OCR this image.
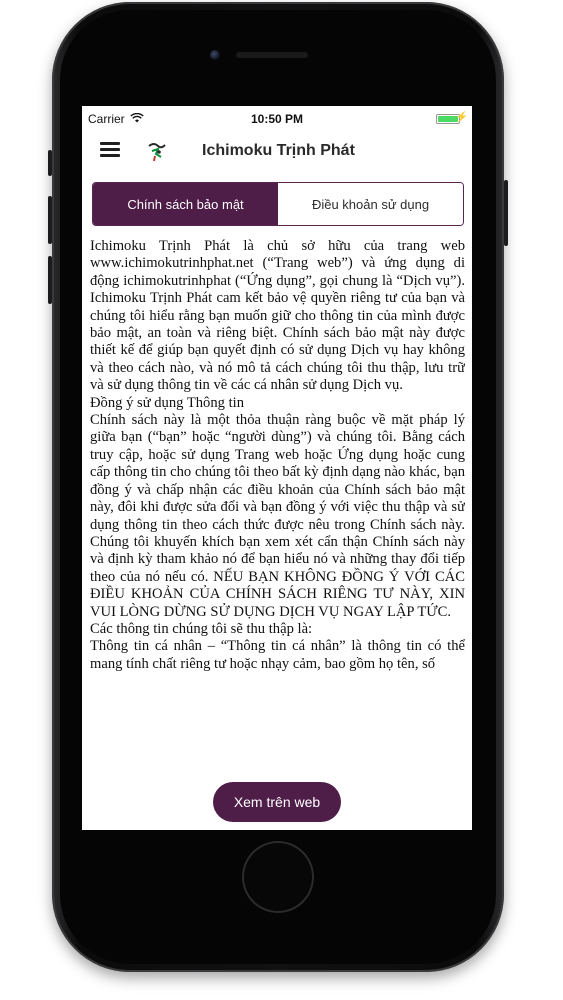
Carrier	10:50 PM	⚡
Ichimoku Trịnh Phát
Chính sách bảo mật	Điều khoản sử dụng

Ichimoku Trịnh Phát là chủ sở hữu của trang web www.ichimokutrinhphat.net (“Trang web”) và ứng dụng di động ichimokutrinhphat (“Ứng dụng”, gọi chung là “Dịch vụ”). Ichimoku Trịnh Phát cam kết bảo vệ quyền riêng tư của bạn và chúng tôi hiểu rằng bạn muốn giữ cho thông tin của mình được bảo mật, an toàn và riêng biệt. Chính sách bảo mật này được thiết kế để giúp bạn quyết định có sử dụng Dịch vụ hay không và theo cách nào, và nó mô tả cách chúng tôi thu thập, lưu trữ và sử dụng thông tin về các cá nhân sử dụng Dịch vụ.

Đồng ý sử dụng Thông tin

Chính sách này là một thỏa thuận ràng buộc về mặt pháp lý giữa bạn (“bạn” hoặc “người dùng”) và chúng tôi. Bằng cách truy cập, hoặc sử dụng Trang web hoặc Ứng dụng hoặc cung cấp thông tin cho chúng tôi theo bất kỳ định dạng nào khác, bạn đồng ý và chấp nhận các điều khoản của Chính sách bảo mật này, đôi khi được sửa đổi và bạn đồng ý với việc thu thập và sử dụng thông tin theo cách thức được nêu trong Chính sách này. Chúng tôi khuyến khích bạn xem xét cẩn thận Chính sách này và định kỳ tham khảo nó để bạn hiểu nó và những thay đổi tiếp theo của nó nếu có. NẾU BẠN KHÔNG ĐỒNG Ý VỚI CÁC ĐIỀU KHOẢN CỦA CHÍNH SÁCH RIÊNG TƯ NÀY, XIN VUI LÒNG DỪNG SỬ DỤNG DỊCH VỤ NGAY LẬP TỨC.

Các thông tin chúng tôi sẽ thu thập là:

Thông tin cá nhân – “Thông tin cá nhân” là thông tin có thể mang tính chất riêng tư hoặc nhạy cảm, bao gồm họ tên, số

Xem trên web
